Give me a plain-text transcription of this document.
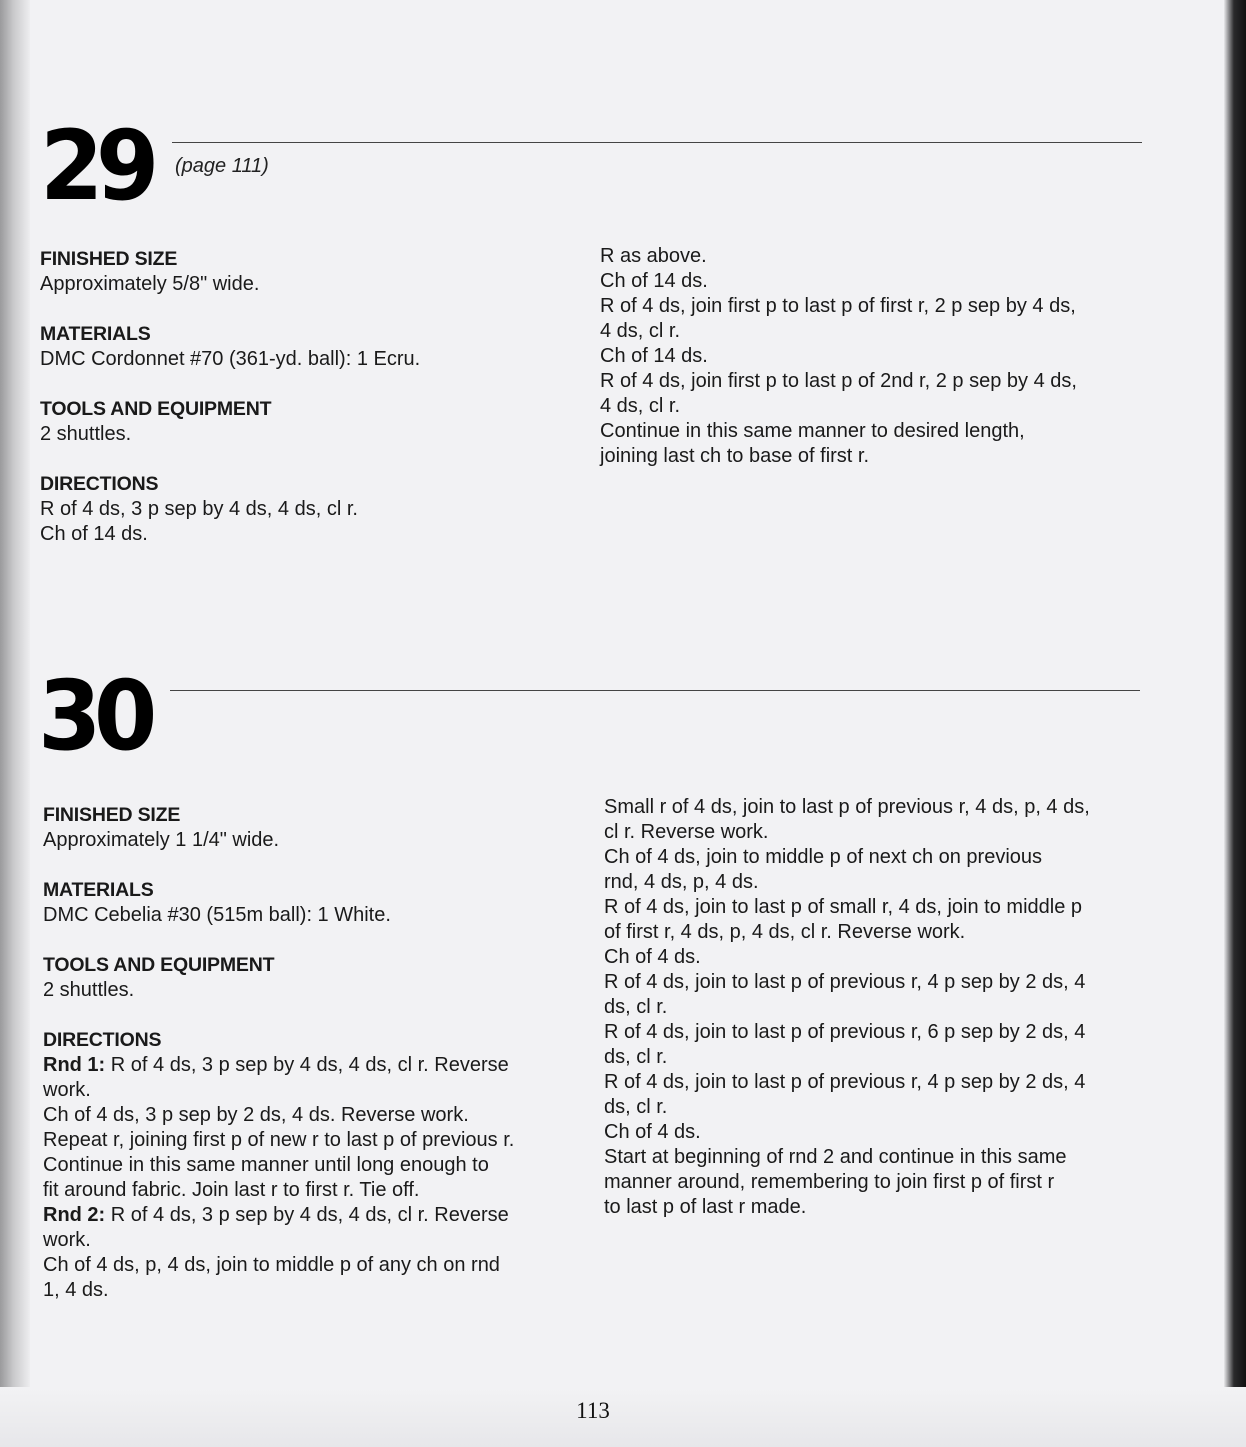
29 (page 111)

FINISHED SIZE

Approximately 5/8" wide.

MATERIALS

DMC Cordonnet #70 (361-yd. ball): 1 Ecru.

TOOLS AND EQUIPMENT

2 shuttles.

DIRECTIONS

R of 4 ds, 3 p sep by 4 ds, 4 ds, cl r.

Ch of 14 ds.

R as above.

Ch of 14 ds.

R of 4 ds, join first p to last p of first r, 2 p sep by 4 ds,

4 ds, cl r.

Ch of 14 ds.

R of 4 ds, join first p to last p of 2nd r, 2 p sep by 4 ds,

4 ds, cl r.

Continue in this same manner to desired length,

joining last ch to base of first r.

30

FINISHED SIZE

Approximately 1 1/4" wide.

MATERIALS

DMC Cebelia #30 (515m ball): 1 White.

TOOLS AND EQUIPMENT

2 shuttles.

DIRECTIONS

Rnd 1: R of 4 ds, 3 p sep by 4 ds, 4 ds, cl r. Reverse

work.

Ch of 4 ds, 3 p sep by 2 ds, 4 ds. Reverse work.

Repeat r, joining first p of new r to last p of previous r.

Continue in this same manner until long enough to

fit around fabric. Join last r to first r. Tie off.

Rnd 2: R of 4 ds, 3 p sep by 4 ds, 4 ds, cl r. Reverse

work.

Ch of 4 ds, p, 4 ds, join to middle p of any ch on rnd

1, 4 ds.

Small r of 4 ds, join to last p of previous r, 4 ds, p, 4 ds,

cl r. Reverse work.

Ch of 4 ds, join to middle p of next ch on previous

rnd, 4 ds, p, 4 ds.

R of 4 ds, join to last p of small r, 4 ds, join to middle p

of first r, 4 ds, p, 4 ds, cl r. Reverse work.

Ch of 4 ds.

R of 4 ds, join to last p of previous r, 4 p sep by 2 ds, 4

ds, cl r.

R of 4 ds, join to last p of previous r, 6 p sep by 2 ds, 4

ds, cl r.

R of 4 ds, join to last p of previous r, 4 p sep by 2 ds, 4

ds, cl r.

Ch of 4 ds.

Start at beginning of rnd 2 and continue in this same

manner around, remembering to join first p of first r

to last p of last r made.

113
